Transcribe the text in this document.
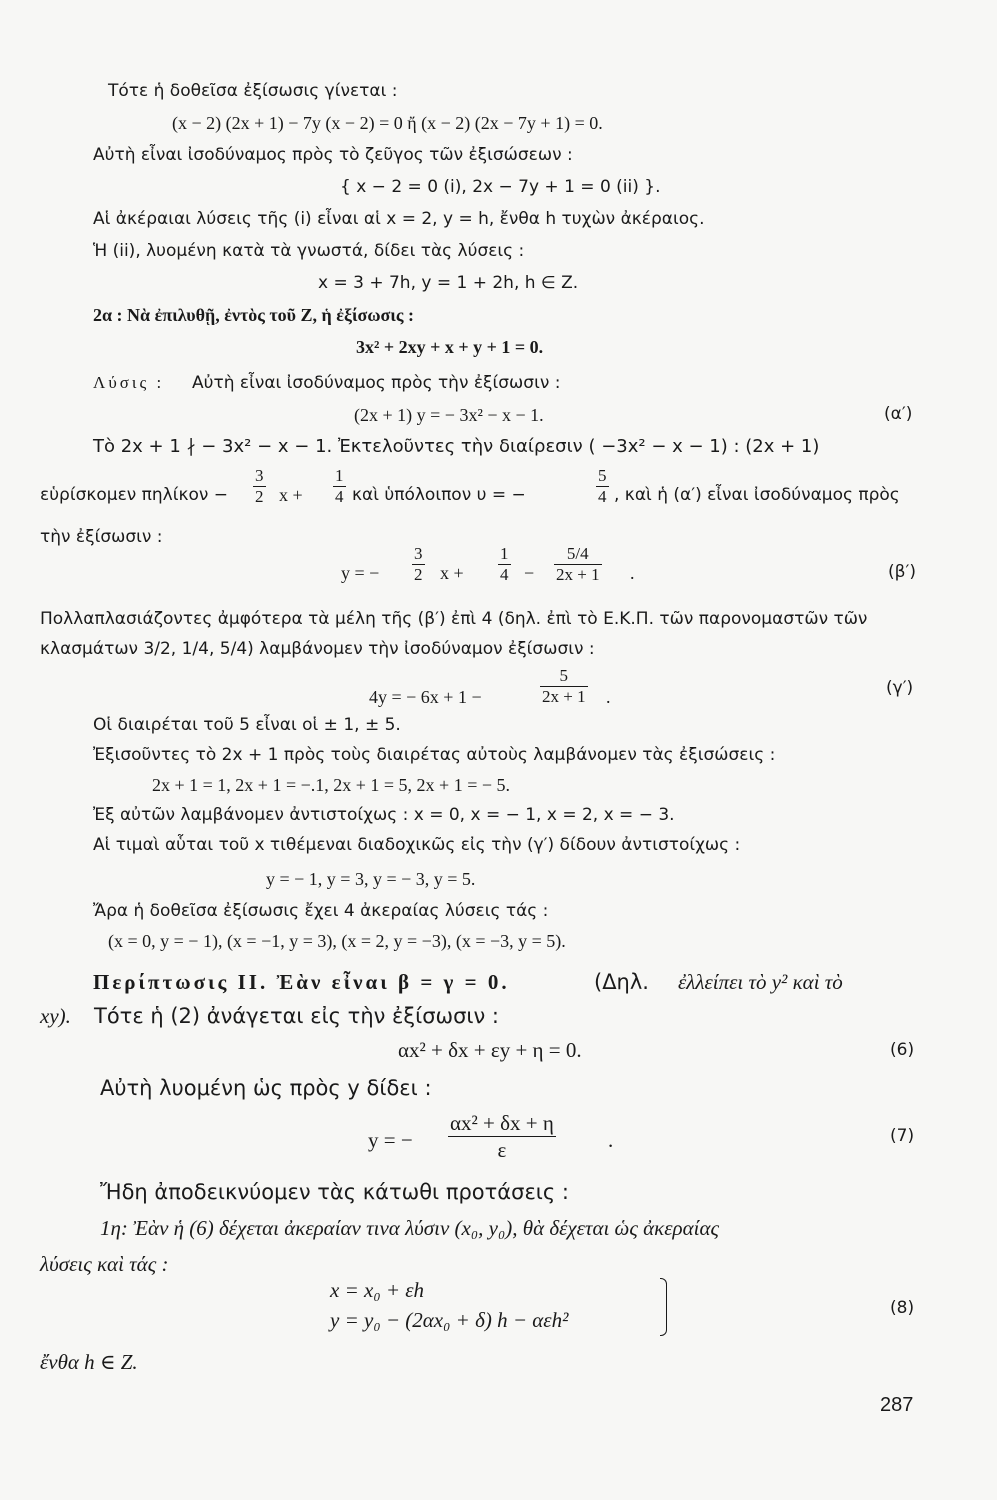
Τότε ἡ δοθεῖσα ἐξίσωσις γίνεται :
(x − 2) (2x + 1) − 7y (x − 2) = 0 ἤ (x − 2) (2x − 7y + 1) = 0.
Αὐτὴ εἶναι ἰσοδύναμος πρὸς τὸ ζεῦγος τῶν ἐξισώσεων :
{ x − 2 = 0 (i), 2x − 7y + 1 = 0 (ii) }.
Αἱ ἀκέραιαι λύσεις τῆς (i) εἶναι αἱ x = 2, y = h, ἔνθα h τυχὼν ἀκέραιος.
Ἡ (ii), λυομένη κατὰ τὰ γνωστά, δίδει τὰς λύσεις :
x = 3 + 7h, y = 1 + 2h, h ∈ Z.
2α : Νὰ ἐπιλυθῇ, ἐντὸς τοῦ Z, ἡ ἐξίσωσις :
3x² + 2xy + x + y + 1 = 0.
Λύσις : Αὐτὴ εἶναι ἰσοδύναμος πρὸς τὴν ἐξίσωσιν :
(2x + 1) y = − 3x² − x − 1.	(α′)
Τὸ 2x + 1 ∤ − 3x² − x − 1. Ἐκτελοῦντες τὴν διαίρεσιν ( −3x² − x − 1) : (2x + 1)
εὑρίσκομεν $\pi\eta\lambda ί\kappa o\nu - \frac{3}{2}$ $x + \frac{1}{4}$ καὶ ὑπόλοιπον υ = −	$\frac{5}{4}$ , καὶ ἡ (α′) εἶναι ἰσοδύναμος πρὸς
τὴν ἐξίσωσιν :
y = − $\frac{3}{2}$ $x + \frac{1}{4} - \frac{5/4}{2x + 1}$ .	(β′)
Πολλαπλασιάζοντες ἀμφότερα τὰ μέλη τῆς (β′) ἐπὶ 4 (δηλ. ἐπὶ τὸ Ε.Κ.Π. τῶν παρονομαστῶν τῶν
κλασμάτων 3/2, 1/4, 5/4) λαμβάνομεν τὴν ἰσοδύναμον ἐξίσωσιν :
4y = − 6x + 1 −	$\frac{5}{2x + 1}$ .	(γ′)
Οἱ διαιρέται τοῦ 5 εἶναι οἱ ± 1, ± 5.
Ἐξισοῦντες τὸ 2x + 1 πρὸς τοὺς διαιρέτας αὐτοὺς λαμβάνομεν τὰς ἐξισώσεις :
2x + 1 = 1, 2x + 1 = −.1, 2x + 1 = 5, 2x + 1 = − 5.
Ἐξ αὐτῶν λαμβάνομεν ἀντιστοίχως : x = 0, x = − 1, x = 2, x = − 3.
Αἱ τιμαὶ αὗται τοῦ x τιθέμεναι διαδοχικῶς εἰς τὴν (γ′) δίδουν ἀντιστοίχως :
y = − 1, y = 3, y = − 3, y = 5.
Ἄρα ἡ δοθεῖσα ἐξίσωσις ἔχει 4 ἀκεραίας λύσεις τάς :
(x = 0, y = − 1), (x = −1, y = 3), (x = 2, y = −3), (x = −3, y = 5).
Περίπτωσις ΙΙ. Ἐὰν εἶναι β = γ = 0.	(Δηλ. ἐλλείπει τὸ y² καὶ τὸ
xy). Τότε ἡ (2) ἀνάγεται εἰς τὴν ἐξίσωσιν :
αx² + δx + εy + η = 0.	(6)
Αὐτὴ λυομένη ὡς πρὸς y δίδει :
y = − $\frac{\text{αx² + δx + η}}{\varepsilon}$ .	(7)
Ἤδη ἀποδεικνύομεν τὰς κάτωθι προτάσεις :
1η: Ἐὰν ἡ (6) δέχεται ἀκεραίαν τινα λύσιν (x₀, y₀), θὰ δέχεται ὡς ἀκεραίας
λύσεις καὶ τάς :
x = x₀ + εh
y = y₀ − (2αx₀ + δ) h − αεh²	(8)
ἔνθα h ∈ Z.
287
